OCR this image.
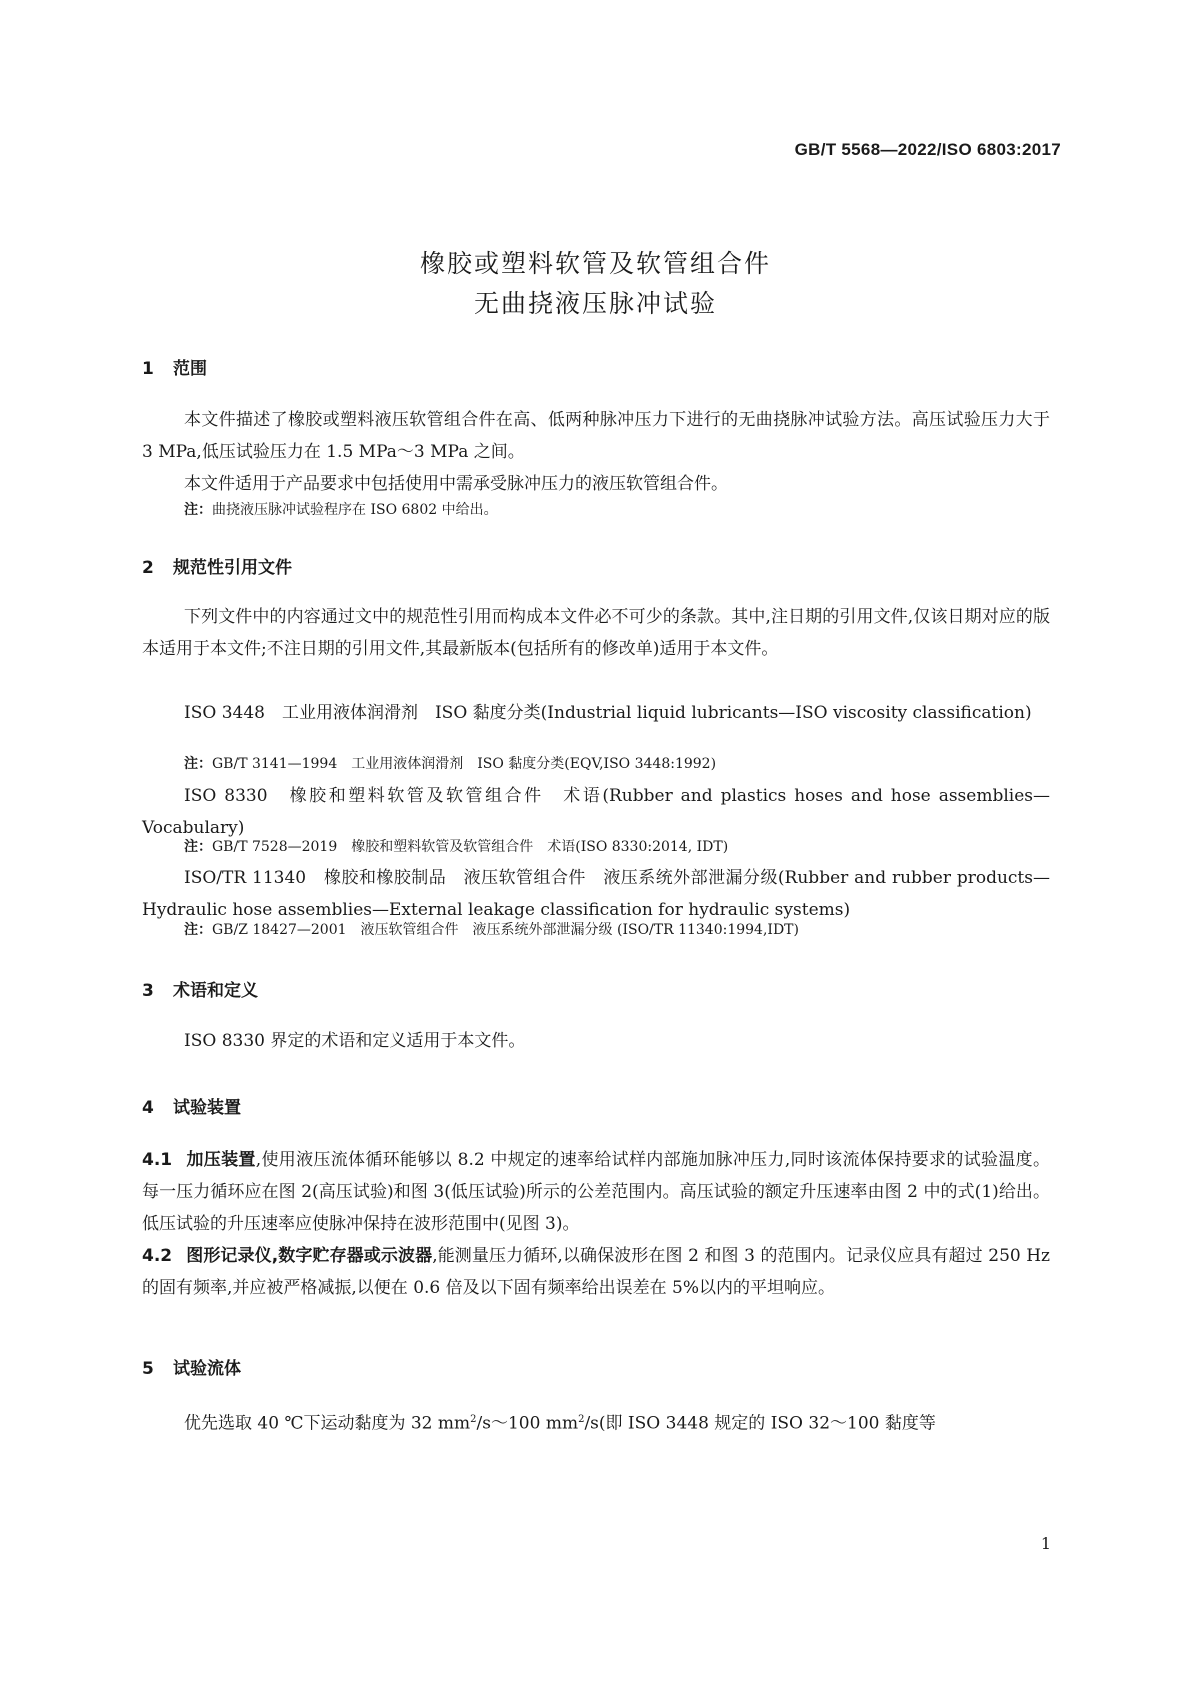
GB/T 5568—2022/ISO 6803:2017
橡胶或塑料软管及软管组合件
无曲挠液压脉冲试验
1 范围
本文件描述了橡胶或塑料液压软管组合件在高、低两种脉冲压力下进行的无曲挠脉冲试验方法。高压试验压力大于 3 MPa,低压试验压力在 1.5 MPa～3 MPa 之间。
本文件适用于产品要求中包括使用中需承受脉冲压力的液压软管组合件。
注：曲挠液压脉冲试验程序在 ISO 6802 中给出。
2 规范性引用文件
下列文件中的内容通过文中的规范性引用而构成本文件必不可少的条款。其中,注日期的引用文件,仅该日期对应的版本适用于本文件;不注日期的引用文件,其最新版本(包括所有的修改单)适用于本文件。
ISO 3448　工业用液体润滑剂　ISO 黏度分类(Industrial liquid lubricants—ISO viscosity classification)
注：GB/T 3141—1994　工业用液体润滑剂　ISO 黏度分类(EQV,ISO 3448:1992)
ISO 8330　橡胶和塑料软管及软管组合件　术语(Rubber and plastics hoses and hose assemblies—Vocabulary)
注：GB/T 7528—2019　橡胶和塑料软管及软管组合件　术语(ISO 8330:2014, IDT)
ISO/TR 11340　橡胶和橡胶制品　液压软管组合件　液压系统外部泄漏分级(Rubber and rubber products—Hydraulic hose assemblies—External leakage classification for hydraulic systems)
注：GB/Z 18427—2001　液压软管组合件　液压系统外部泄漏分级 (ISO/TR 11340:1994,IDT)
3 术语和定义
ISO 8330 界定的术语和定义适用于本文件。
4 试验装置
4.1 加压装置,使用液压流体循环能够以 8.2 中规定的速率给试样内部施加脉冲压力,同时该流体保持要求的试验温度。每一压力循环应在图 2(高压试验)和图 3(低压试验)所示的公差范围内。高压试验的额定升压速率由图 2 中的式(1)给出。低压试验的升压速率应使脉冲保持在波形范围中(见图 3)。
4.2 图形记录仪,数字贮存器或示波器,能测量压力循环,以确保波形在图 2 和图 3 的范围内。记录仪应具有超过 250 Hz 的固有频率,并应被严格减振,以便在 0.6 倍及以下固有频率给出误差在 5%以内的平坦响应。
5 试验流体
优先选取 40 ℃下运动黏度为 32 $mm^2/s\sim 100$ $mm^2/s$(即 ISO 3448 规定的 ISO 32～100 黏度等
1
